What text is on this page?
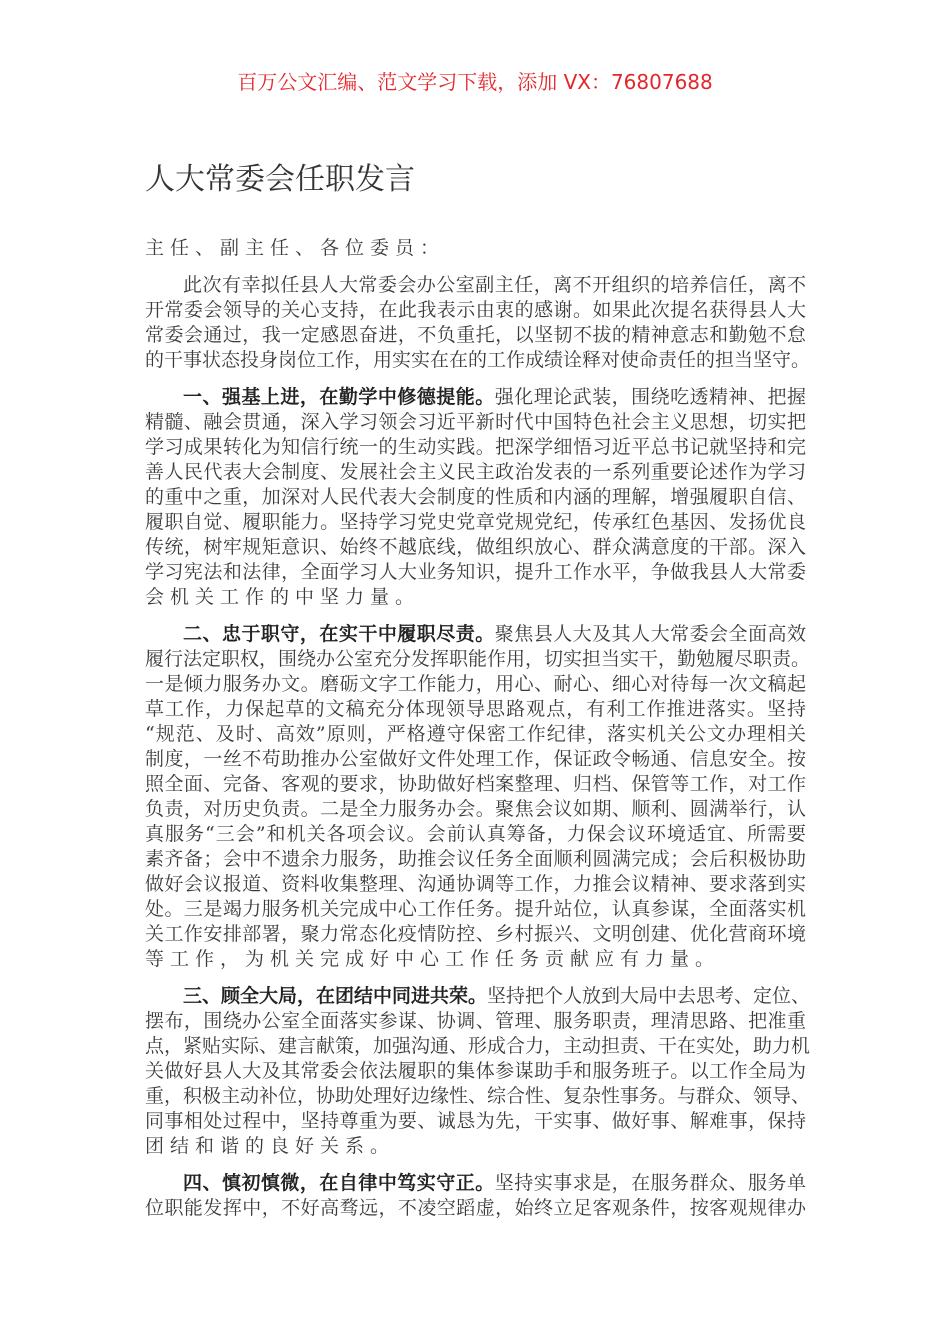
百万公文汇编、范文学习下载，添加 VX：76807688
人大常委会任职发言
主任、副主任、各位委员：
此次有幸拟任县人大常委会办公室副主任，离不开组织的培养信任，离不
开常委会领导的关心支持，在此我表示由衷的感谢。如果此次提名获得县人大
常委会通过，我一定感恩奋进，不负重托，以坚韧不拔的精神意志和勤勉不怠
的干事状态投身岗位工作，用实实在在的工作成绩诠释对使命责任的担当坚守。
一、强基上进，在勤学中修德提能。强化理论武装，围绕吃透精神、把握
精髓、融会贯通，深入学习领会习近平新时代中国特色社会主义思想，切实把
学习成果转化为知信行统一的生动实践。把深学细悟习近平总书记就坚持和完
善人民代表大会制度、发展社会主义民主政治发表的一系列重要论述作为学习
的重中之重，加深对人民代表大会制度的性质和内涵的理解，增强履职自信、
履职自觉、履职能力。坚持学习党史党章党规党纪，传承红色基因、发扬优良
传统，树牢规矩意识、始终不越底线，做组织放心、群众满意度的干部。深入
学习宪法和法律，全面学习人大业务知识，提升工作水平，争做我县人大常委
会机关工作的中坚力量。
二、忠于职守，在实干中履职尽责。聚焦县人大及其人大常委会全面高效
履行法定职权，围绕办公室充分发挥职能作用，切实担当实干，勤勉履尽职责。
一是倾力服务办文。磨砺文字工作能力，用心、耐心、细心对待每一次文稿起
草工作，力保起草的文稿充分体现领导思路观点，有利工作推进落实。坚持
“规范、及时、高效”原则，严格遵守保密工作纪律，落实机关公文办理相关
制度，一丝不苟助推办公室做好文件处理工作，保证政令畅通、信息安全。按
照全面、完备、客观的要求，协助做好档案整理、归档、保管等工作，对工作
负责，对历史负责。二是全力服务办会。聚焦会议如期、顺利、圆满举行，认
真服务“三会”和机关各项会议。会前认真筹备，力保会议环境适宜、所需要
素齐备；会中不遗余力服务，助推会议任务全面顺利圆满完成；会后积极协助
做好会议报道、资料收集整理、沟通协调等工作，力推会议精神、要求落到实
处。三是竭力服务机关完成中心工作任务。提升站位，认真参谋，全面落实机
关工作安排部署，聚力常态化疫情防控、乡村振兴、文明创建、优化营商环境
等工作，为机关完成好中心工作任务贡献应有力量。
三、顾全大局，在团结中同进共荣。坚持把个人放到大局中去思考、定位、
摆布，围绕办公室全面落实参谋、协调、管理、服务职责，理清思路、把准重
点，紧贴实际、建言献策，加强沟通、形成合力，主动担责、干在实处，助力机
关做好县人大及其常委会依法履职的集体参谋助手和服务班子。以工作全局为
重，积极主动补位，协助处理好边缘性、综合性、复杂性事务。与群众、领导、
同事相处过程中，坚持尊重为要、诚恳为先，干实事、做好事、解难事，保持
团结和谐的良好关系。
四、慎初慎微，在自律中笃实守正。坚持实事求是，在服务群众、服务单
位职能发挥中，不好高骛远，不凌空蹈虚，始终立足客观条件，按客观规律办
